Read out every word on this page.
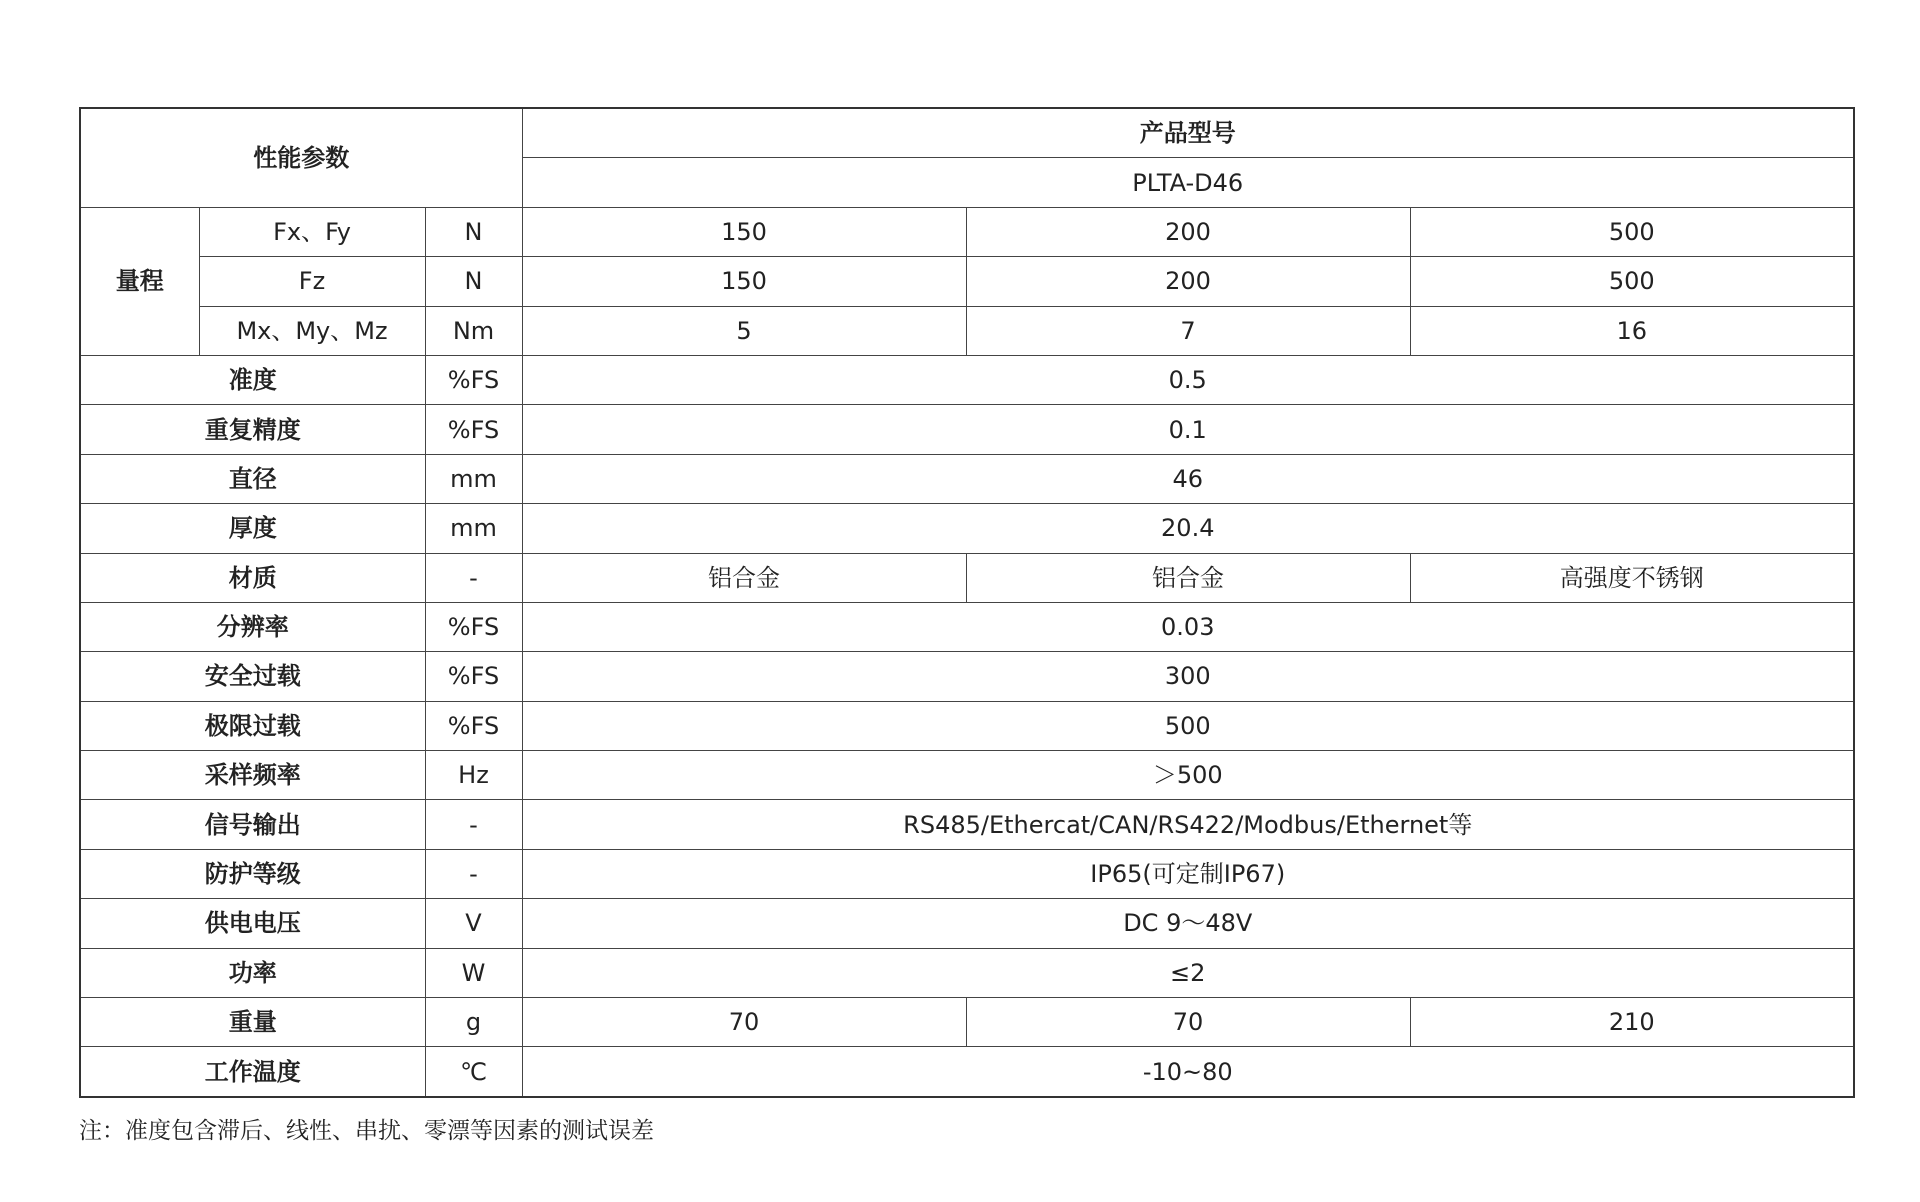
性能参数			产品型号		
			PLTA-D46		
量程	Fx、Fy	N	150	200	500
	Fz	N	150	200	500
	Mx、My、Mz	Nm	5	7	16
准度		%FS	0.5		
重复精度		%FS	0.1		
直径		mm	46		
厚度		mm	20.4		
材质		-	铝合金	铝合金	高强度不锈钢
分辨率		%FS	0.03		
安全过载		%FS	300		
极限过载		%FS	500		
采样频率		Hz	＞500		
信号输出		-	RS485/Ethercat/CAN/RS422/Modbus/Ethernet等		
防护等级		-	IP65(可定制IP67)		
供电电压		V	DC 9～48V		
功率		W	≤2		
重量		g	70	70	210
工作温度		℃	-10~80		
注：准度包含滞后、线性、串扰、零漂等因素的测试误差
